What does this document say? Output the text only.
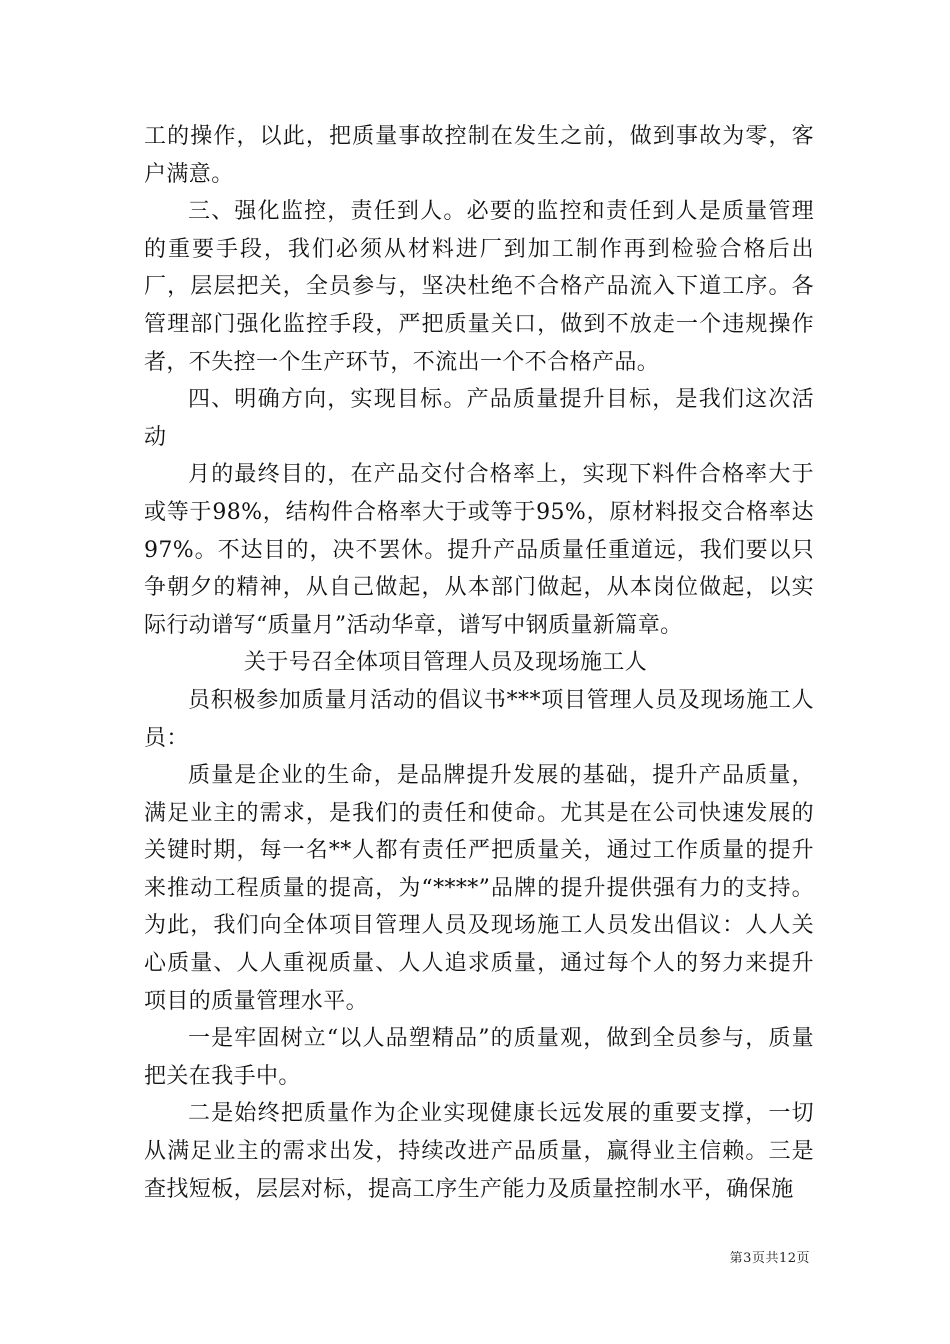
工的操作，以此，把质量事故控制在发生之前，做到事故为零，客户满意。

三、强化监控，责任到人。必要的监控和责任到人是质量管理的重要手段，我们必须从材料进厂到加工制作再到检验合格后出厂，层层把关，全员参与，坚决杜绝不合格产品流入下道工序。各管理部门强化监控手段，严把质量关口，做到不放走一个违规操作者，不失控一个生产环节，不流出一个不合格产品。

四、明确方向，实现目标。产品质量提升目标，是我们这次活动

月的最终目的，在产品交付合格率上，实现下料件合格率大于或等于98%，结构件合格率大于或等于95%，原材料报交合格率达97%。不达目的，决不罢休。提升产品质量任重道远，我们要以只争朝夕的精神，从自己做起，从本部门做起，从本岗位做起，以实际行动谱写“质量月”活动华章，谱写中钢质量新篇章。

关于号召全体项目管理人员及现场施工人

员积极参加质量月活动的倡议书***项目管理人员及现场施工人员：

质量是企业的生命，是品牌提升发展的基础，提升产品质量，满足业主的需求，是我们的责任和使命。尤其是在公司快速发展的关键时期，每一名**人都有责任严把质量关，通过工作质量的提升来推动工程质量的提高，为“****”品牌的提升提供强有力的支持。为此，我们向全体项目管理人员及现场施工人员发出倡议：人人关心质量、人人重视质量、人人追求质量，通过每个人的努力来提升项目的质量管理水平。

一是牢固树立“以人品塑精品”的质量观，做到全员参与，质量把关在我手中。

二是始终把质量作为企业实现健康长远发展的重要支撑，一切从满足业主的需求出发，持续改进产品质量，赢得业主信赖。三是查找短板，层层对标，提高工序生产能力及质量控制水平，确保施

第3页共12页
